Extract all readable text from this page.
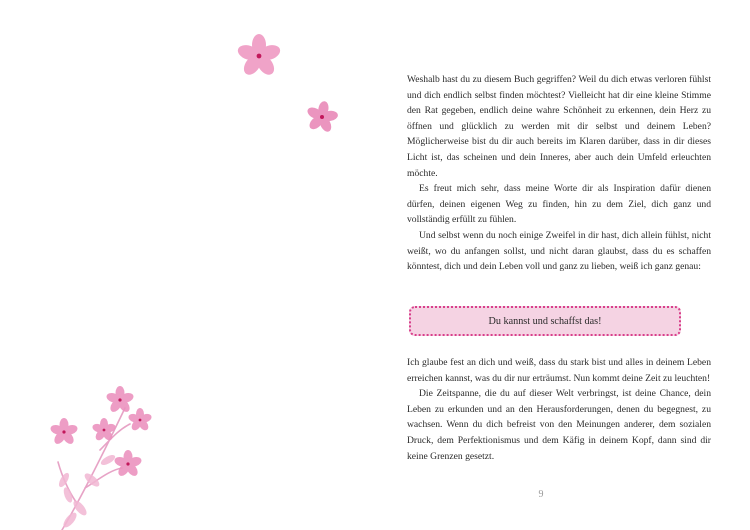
Weshalb hast du zu diesem Buch gegriffen? Weil du dich etwas verloren fühlst und dich endlich selbst finden möchtest? Vielleicht hat dir eine kleine Stimme den Rat gegeben, endlich deine wahre Schönheit zu erkennen, dein Herz zu öffnen und glücklich zu werden mit dir selbst und deinem Leben? Möglicherweise bist du dir auch bereits im Klaren darüber, dass in dir dieses Licht ist, das scheinen und dein Inneres, aber auch dein Umfeld erleuchten möchte.

Es freut mich sehr, dass meine Worte dir als Inspiration dafür dienen dürfen, deinen eigenen Weg zu finden, hin zu dem Ziel, dich ganz und vollständig erfüllt zu fühlen.

Und selbst wenn du noch einige Zweifel in dir hast, dich allein fühlst, nicht weißt, wo du anfangen sollst, und nicht daran glaubst, dass du es schaffen könntest, dich und dein Leben voll und ganz zu lieben, weiß ich ganz genau:

Du kannst und schaffst das!

Ich glaube fest an dich und weiß, dass du stark bist und alles in deinem Leben erreichen kannst, was du dir nur erträumst. Nun kommt deine Zeit zu leuchten!

Die Zeitspanne, die du auf dieser Welt verbringst, ist deine Chance, dein Leben zu erkunden und an den Herausforderungen, denen du begegnest, zu wachsen. Wenn du dich befreist von den Meinungen anderer, dem sozialen Druck, dem Perfektionismus und dem Käfig in deinem Kopf, dann sind dir keine Grenzen gesetzt.

9
